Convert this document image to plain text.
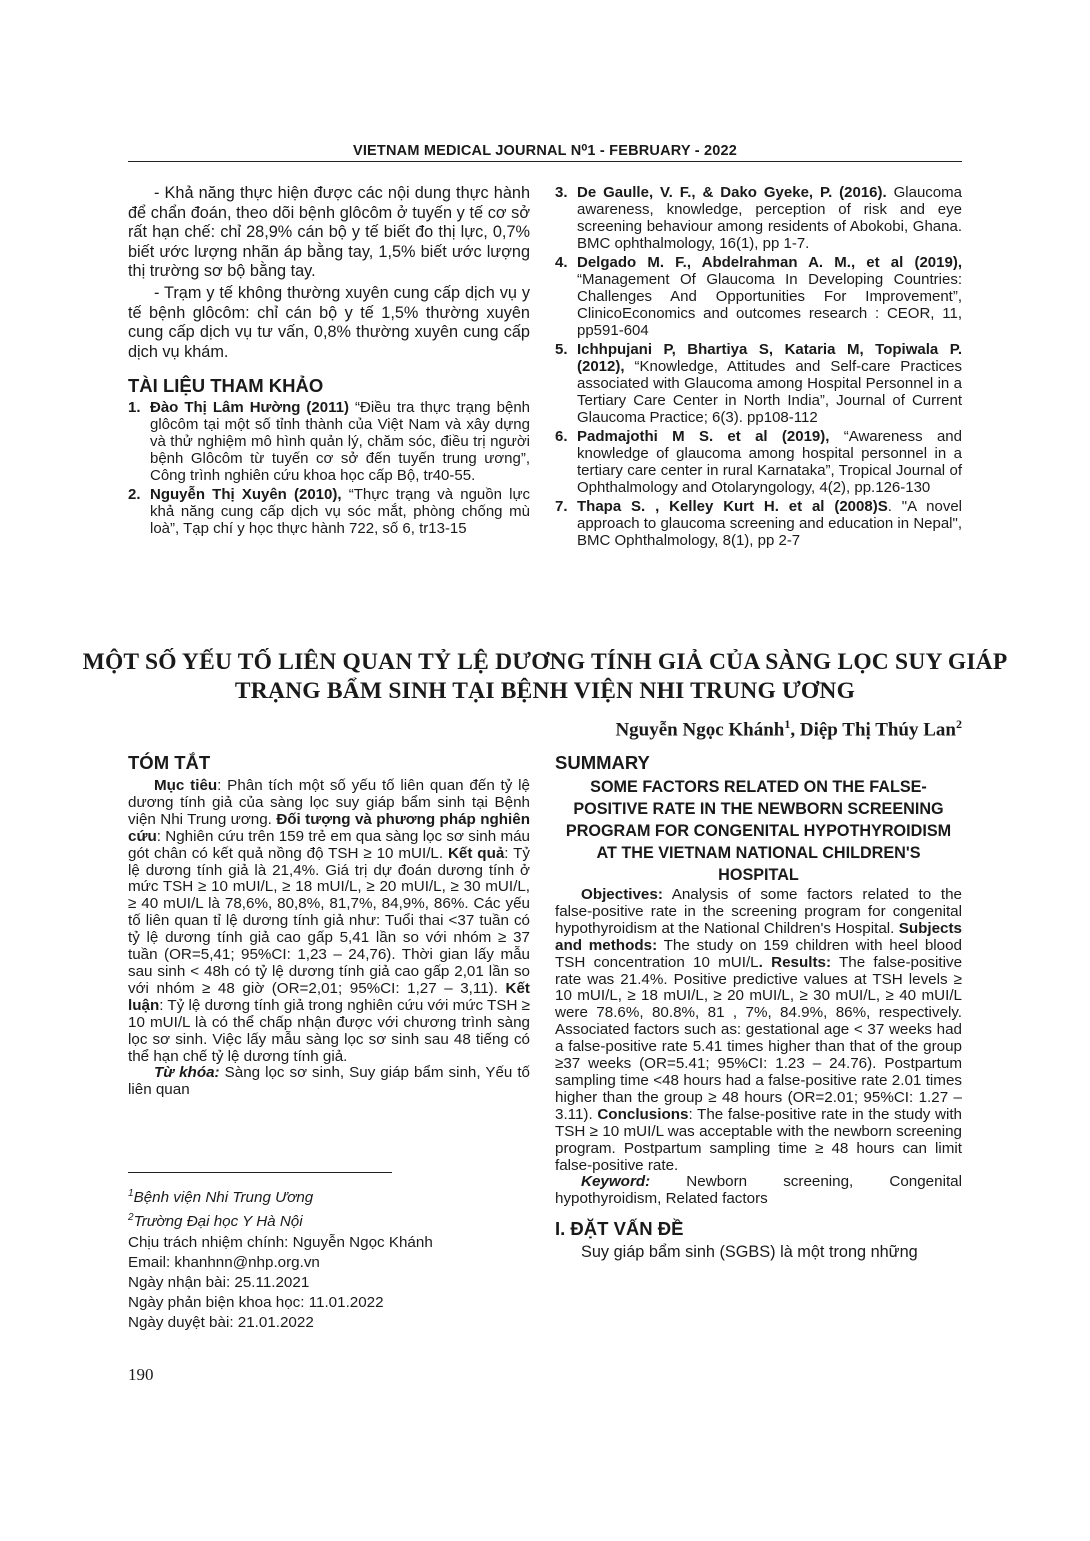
VIETNAM MEDICAL JOURNAL N⁰1 - FEBRUARY - 2022

- Khả năng thực hiện được các nội dung thực hành để chẩn đoán, theo dõi bệnh glôcôm ở tuyến y tế cơ sở rất hạn chế: chỉ 28,9% cán bộ y tế biết đo thị lực, 0,7% biết ước lượng nhãn áp bằng tay, 1,5% biết ước lượng thị trường sơ bộ bằng tay.

- Trạm y tế không thường xuyên cung cấp dịch vụ y tế bệnh glôcôm: chỉ cán bộ y tế 1,5% thường xuyên cung cấp dịch vụ tư vấn, 0,8% thường xuyên cung cấp dịch vụ khám.

TÀI LIỆU THAM KHẢO
1. Đào Thị Lâm Hường (2011) “Điều tra thực trạng bệnh glôcôm tại một số tỉnh thành của Việt Nam và xây dựng và thử nghiệm mô hình quản lý, chăm sóc, điều trị người bệnh Glôcôm từ tuyến cơ sở đến tuyến trung ương”, Công trình nghiên cứu khoa học cấp Bộ, tr40-55.
2. Nguyễn Thị Xuyên (2010), “Thực trạng và nguồn lực khả năng cung cấp dịch vụ sóc mắt, phòng chống mù loà”, Tạp chí y học thực hành 722, số 6, tr13-15
3. De Gaulle, V. F., & Dako Gyeke, P. (2016). Glaucoma awareness, knowledge, perception of risk and eye screening behaviour among residents of Abokobi, Ghana. BMC ophthalmology, 16(1), pp 1-7.
4. Delgado M. F., Abdelrahman A. M., et al (2019), “Management Of Glaucoma In Developing Countries: Challenges And Opportunities For Improvement”, ClinicoEconomics and outcomes research : CEOR, 11, pp591-604
5. Ichhpujani P, Bhartiya S, Kataria M, Topiwala P. (2012), “Knowledge, Attitudes and Self-care Practices associated with Glaucoma among Hospital Personnel in a Tertiary Care Center in North India”, Journal of Current Glaucoma Practice; 6(3). pp108-112
6. Padmajothi M S. et al (2019), “Awareness and knowledge of glaucoma among hospital personnel in a tertiary care center in rural Karnataka”, Tropical Journal of Ophthalmology and Otolaryngology, 4(2), pp.126-130
7. Thapa S. , Kelley Kurt H. et al (2008)S. "A novel approach to glaucoma screening and education in Nepal", BMC Ophthalmology, 8(1), pp 2-7
MỘT SỐ YẾU TỐ LIÊN QUAN TỶ LỆ DƯƠNG TÍNH GIẢ CỦA SÀNG LỌC SUY GIÁP TRẠNG BẨM SINH TẠI BỆNH VIỆN NHI TRUNG ƯƠNG
Nguyễn Ngọc Khánh$^1$, Diệp Thị Thúy Lan$^2$
TÓM TẮT

Mục tiêu: Phân tích một số yếu tố liên quan đến tỷ lệ dương tính giả của sàng lọc suy giáp bẩm sinh tại Bệnh viện Nhi Trung ương. Đối tượng và phương pháp nghiên cứu: Nghiên cứu trên 159 trẻ em qua sàng lọc sơ sinh máu gót chân có kết quả nồng độ TSH ≥ 10 mUI/L. Kết quả: Tỷ lệ dương tính giả là 21,4%. Giá trị dự đoán dương tính ở mức TSH ≥ 10 mUI/L, ≥ 18 mUI/L, ≥ 20 mUI/L, ≥ 30 mUI/L, ≥ 40 mUI/L là 78,6%, 80,8%, 81,7%, 84,9%, 86%. Các yếu tố liên quan tỉ lệ dương tính giả như: Tuổi thai <37 tuần có tỷ lệ dương tính giả cao gấp 5,41 lần so với nhóm ≥ 37 tuần (OR=5,41; 95%CI: 1,23 – 24,76). Thời gian lấy mẫu sau sinh < 48h có tỷ lệ dương tính giả cao gấp 2,01 lần so với nhóm ≥ 48 giờ (OR=2,01; 95%CI: 1,27 – 3,11). Kết luận: Tỷ lệ dương tính giả trong nghiên cứu với mức TSH ≥ 10 mUI/L là có thể chấp nhận được với chương trình sàng lọc sơ sinh. Việc lấy mẫu sàng lọc sơ sinh sau 48 tiếng có thể hạn chế tỷ lệ dương tính giả.

Từ khóa: Sàng lọc sơ sinh, Suy giáp bẩm sinh, Yếu tố liên quan

$^1$Bệnh viện Nhi Trung Ương
$^2$Trường Đại học Y Hà Nội
Chịu trách nhiệm chính: Nguyễn Ngọc Khánh
Email: khanhnn@nhp.org.vn
Ngày nhận bài: 25.11.2021
Ngày phản biện khoa học: 11.01.2022
Ngày duyệt bài: 21.01.2022
SUMMARY
SOME FACTORS RELATED ON THE FALSE-POSITIVE RATE IN THE NEWBORN SCREENING PROGRAM FOR CONGENITAL HYPOTHYROIDISM AT THE VIETNAM NATIONAL CHILDREN'S HOSPITAL

Objectives: Analysis of some factors related to the false-positive rate in the screening program for congenital hypothyroidism at the National Children's Hospital. Subjects and methods: The study on 159 children with heel blood TSH concentration 10 mUI/L. Results: The false-positive rate was 21.4%. Positive predictive values at TSH levels ≥ 10 mUI/L, ≥ 18 mUI/L, ≥ 20 mUI/L, ≥ 30 mUI/L, ≥ 40 mUI/L were 78.6%, 80.8%, 81 , 7%, 84.9%, 86%, respectively. Associated factors such as: gestational age < 37 weeks had a false-positive rate 5.41 times higher than that of the group ≥37 weeks (OR=5.41; 95%CI: 1.23 – 24.76). Postpartum sampling time <48 hours had a false-positive rate 2.01 times higher than the group ≥ 48 hours (OR=2.01; 95%CI: 1.27 – 3.11). Conclusions: The false-positive rate in the study with TSH ≥ 10 mUI/L was acceptable with the newborn screening program. Postpartum sampling time ≥ 48 hours can limit false-positive rate.

Keyword: Newborn screening, Congenital hypothyroidism, Related factors

I. ĐẶT VẤN ĐỀ

Suy giáp bẩm sinh (SGBS) là một trong những

190
